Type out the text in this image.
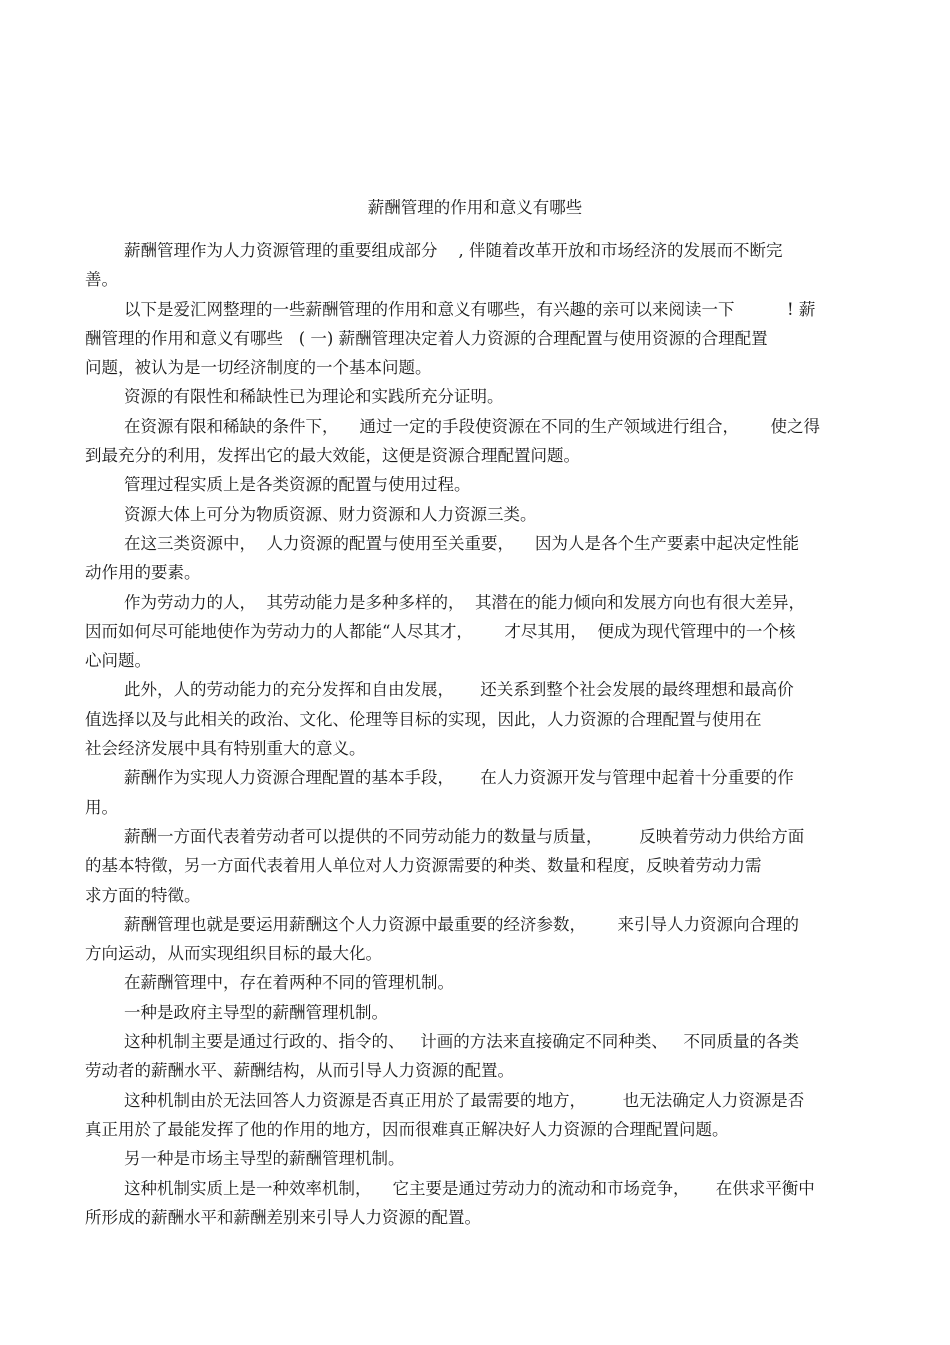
薪酬管理的作用和意义有哪些

薪酬管理作为人力资源管理的重要组成部分    , 伴随着改革开放和市场经济的发展而不断完

善。

以下是爱汇网整理的一些薪酬管理的作用和意义有哪些，有兴趣的亲可以来阅读一下          ! 薪

酬管理的作用和意义有哪些   ( 一) 薪酬管理决定着人力资源的合理配置与使用资源的合理配置

问题，被认为是一切经济制度的一个基本问题。

资源的有限性和稀缺性已为理论和实践所充分证明。

在资源有限和稀缺的条件下，    通过一定的手段使资源在不同的生产领域进行组合，      使之得

到最充分的利用，发挥出它的最大效能，这便是资源合理配置问题。

管理过程实质上是各类资源的配置与使用过程。

资源大体上可分为物质资源、财力资源和人力资源三类。

在这三类资源中，  人力资源的配置与使用至关重要，    因为人是各个生产要素中起决定性能

动作用的要素。

作为劳动力的人，  其劳动能力是多种多样的，  其潜在的能力倾向和发展方向也有很大差异，

因而如何尽可能地使作为劳动力的人都能“人尽其才，      才尽其用，  便成为现代管理中的一个核

心问题。

此外，人的劳动能力的充分发挥和自由发展，     还关系到整个社会发展的最终理想和最高价

值选择以及与此相关的政治、文化、伦理等目标的实现，因此，人力资源的合理配置与使用在

社会经济发展中具有特别重大的意义。

薪酬作为实现人力资源合理配置的基本手段，     在人力资源开发与管理中起着十分重要的作

用。

薪酬一方面代表着劳动者可以提供的不同劳动能力的数量与质量，       反映着劳动力供给方面

的基本特徵，另一方面代表着用人单位对人力资源需要的种类、数量和程度，反映着劳动力需

求方面的特徵。

薪酬管理也就是要运用薪酬这个人力资源中最重要的经济参数，      来引导人力资源向合理的

方向运动，从而实现组织目标的最大化。

在薪酬管理中，存在着两种不同的管理机制。

一种是政府主导型的薪酬管理机制。

这种机制主要是通过行政的、指令的、   计画的方法来直接确定不同种类、   不同质量的各类

劳动者的薪酬水平、薪酬结构，从而引导人力资源的配置。

这种机制由於无法回答人力资源是否真正用於了最需要的地方，       也无法确定人力资源是否

真正用於了最能发挥了他的作用的地方，因而很难真正解决好人力资源的合理配置问题。

另一种是市场主导型的薪酬管理机制。

这种机制实质上是一种效率机制，    它主要是通过劳动力的流动和市场竞争，     在供求平衡中

所形成的薪酬水平和薪酬差别来引导人力资源的配置。
